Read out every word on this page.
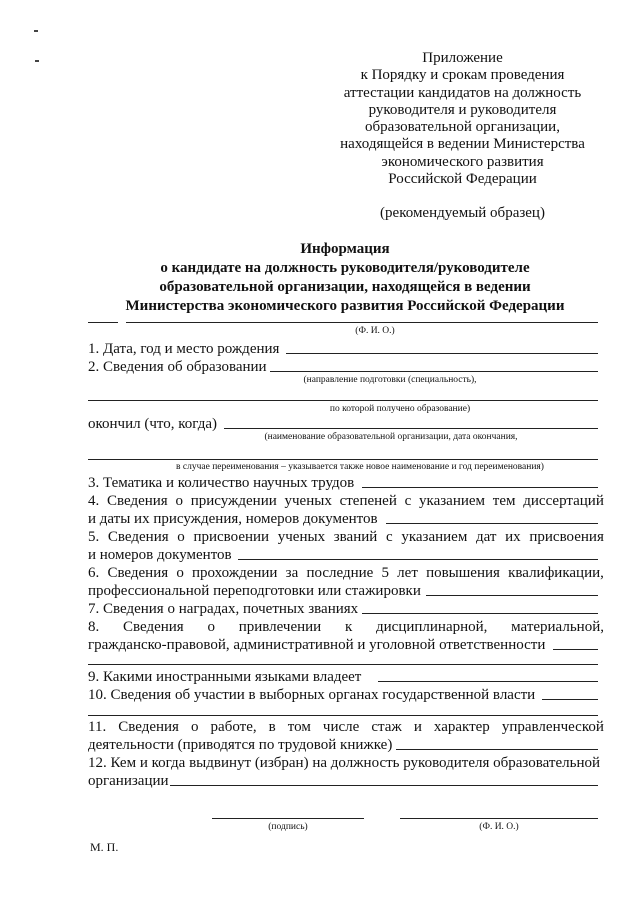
Приложение
к Порядку и срокам проведения
аттестации кандидатов на должность
руководителя и руководителя
образовательной организации,
находящейся в ведении Министерства
экономического развития
Российской Федерации
(рекомендуемый образец)
Информация
о кандидате на должность руководителя/руководителе
образовательной организации, находящейся в ведении
Министерства экономического развития Российской Федерации
(Ф. И. О.)
1. Дата, год и место рождения
2. Сведения об образовании
(направление подготовки (специальность),
по которой получено образование)
окончил (что, когда)
(наименование образовательной организации, дата окончания,
в случае переименования – указывается также новое наименование и год переименования)
3. Тематика и количество научных трудов
4. Сведения о присуждении ученых степеней с указанием тем диссертаций
и даты их присуждения, номеров документов
5. Сведения о присвоении ученых званий с указанием дат их присвоения
и номеров документов
6. Сведения о прохождении за последние 5 лет повышения квалификации,
профессиональной переподготовки или стажировки
7. Сведения о наградах, почетных званиях
8. Сведения о привлечении к дисциплинарной, материальной,
гражданско-правовой, административной и уголовной ответственности
9. Какими иностранными языками владеет
10. Сведения об участии в выборных органах государственной власти
11. Сведения о работе, в том числе стаж и характер управленческой
деятельности (приводятся по трудовой книжке)
12. Кем и когда выдвинут (избран) на должность руководителя образовательной
организации
(подпись)	(Ф. И. О.)
М. П.
